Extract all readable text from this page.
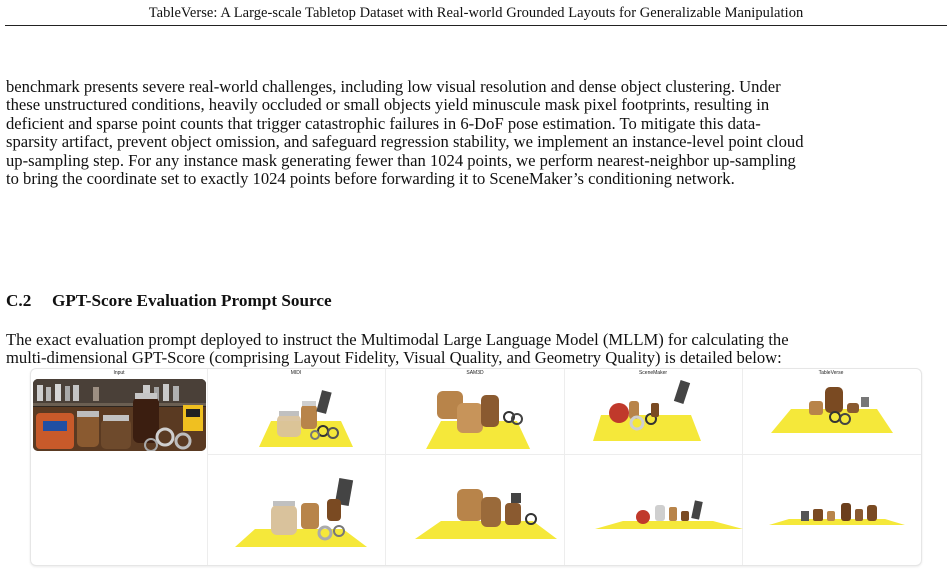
TableVerse: A Large-scale Tabletop Dataset with Real-world Grounded Layouts for Generalizable Manipulation

benchmark presents severe real-world challenges, including low visual resolution and dense object clustering. Under
these unstructured conditions, heavily occluded or small objects yield minuscule mask pixel footprints, resulting in
deficient and sparse point counts that trigger catastrophic failures in 6-DoF pose estimation. To mitigate this data-
sparsity artifact, prevent object omission, and safeguard regression stability, we implement an instance-level point cloud
up-sampling step. For any instance mask generating fewer than 1024 points, we perform nearest-neighbor up-sampling
to bring the coordinate set to exactly 1024 points before forwarding it to SceneMaker’s conditioning network.

C.2 GPT-Score Evaluation Prompt Source

The exact evaluation prompt deployed to instruct the Multimodal Large Language Model (MLLM) for calculating the
multi-dimensional GPT-Score (comprising Layout Fidelity, Visual Quality, and Geometry Quality) is detailed below:

Input	MIDI	SAM3D	SceneMaker	TableVerse
